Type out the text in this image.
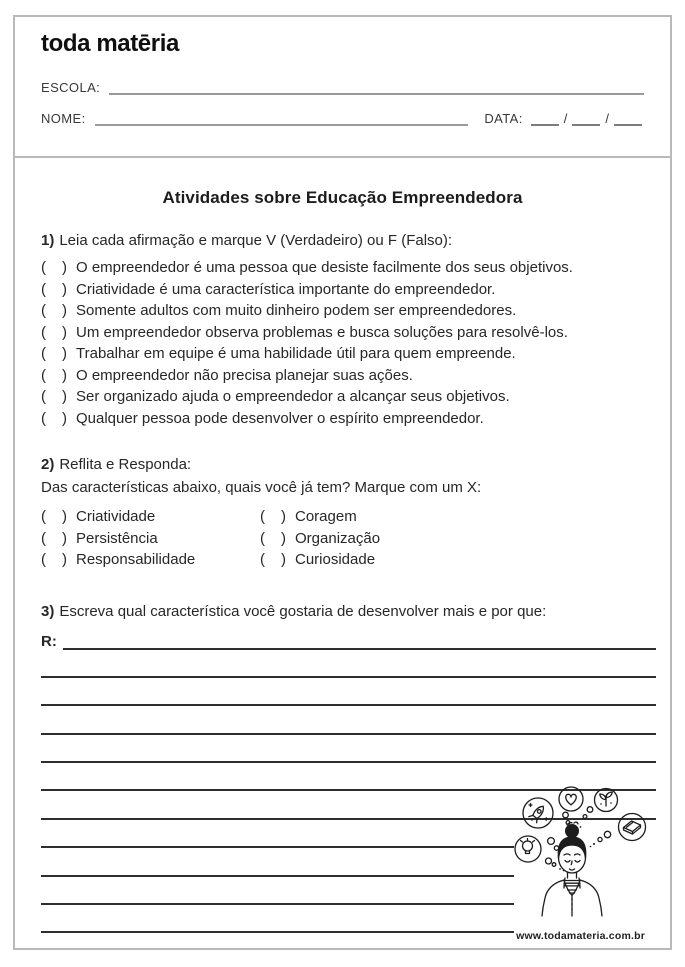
toda matēria
ESCOLA:
NOME:	DATA:	/	/
Atividades sobre Educação Empreendedora
1) Leia cada afirmação e marque V (Verdadeiro) ou F (Falso):
( ) O empreendedor é uma pessoa que desiste facilmente dos seus objetivos.
( ) Criatividade é uma característica importante do empreendedor.
( ) Somente adultos com muito dinheiro podem ser empreendedores.
( ) Um empreendedor observa problemas e busca soluções para resolvê-los.
( ) Trabalhar em equipe é uma habilidade útil para quem empreende.
( ) O empreendedor não precisa planejar suas ações.
( ) Ser organizado ajuda o empreendedor a alcançar seus objetivos.
( ) Qualquer pessoa pode desenvolver o espírito empreendedor.
2) Reflita e Responda:
Das características abaixo, quais você já tem? Marque com um X:
( ) Criatividade	( ) Coragem
( ) Persistência	( ) Organização
( ) Responsabilidade	( ) Curiosidade
3) Escreva qual característica você gostaria de desenvolver mais e por que:
R:
www.todamateria.com.br
